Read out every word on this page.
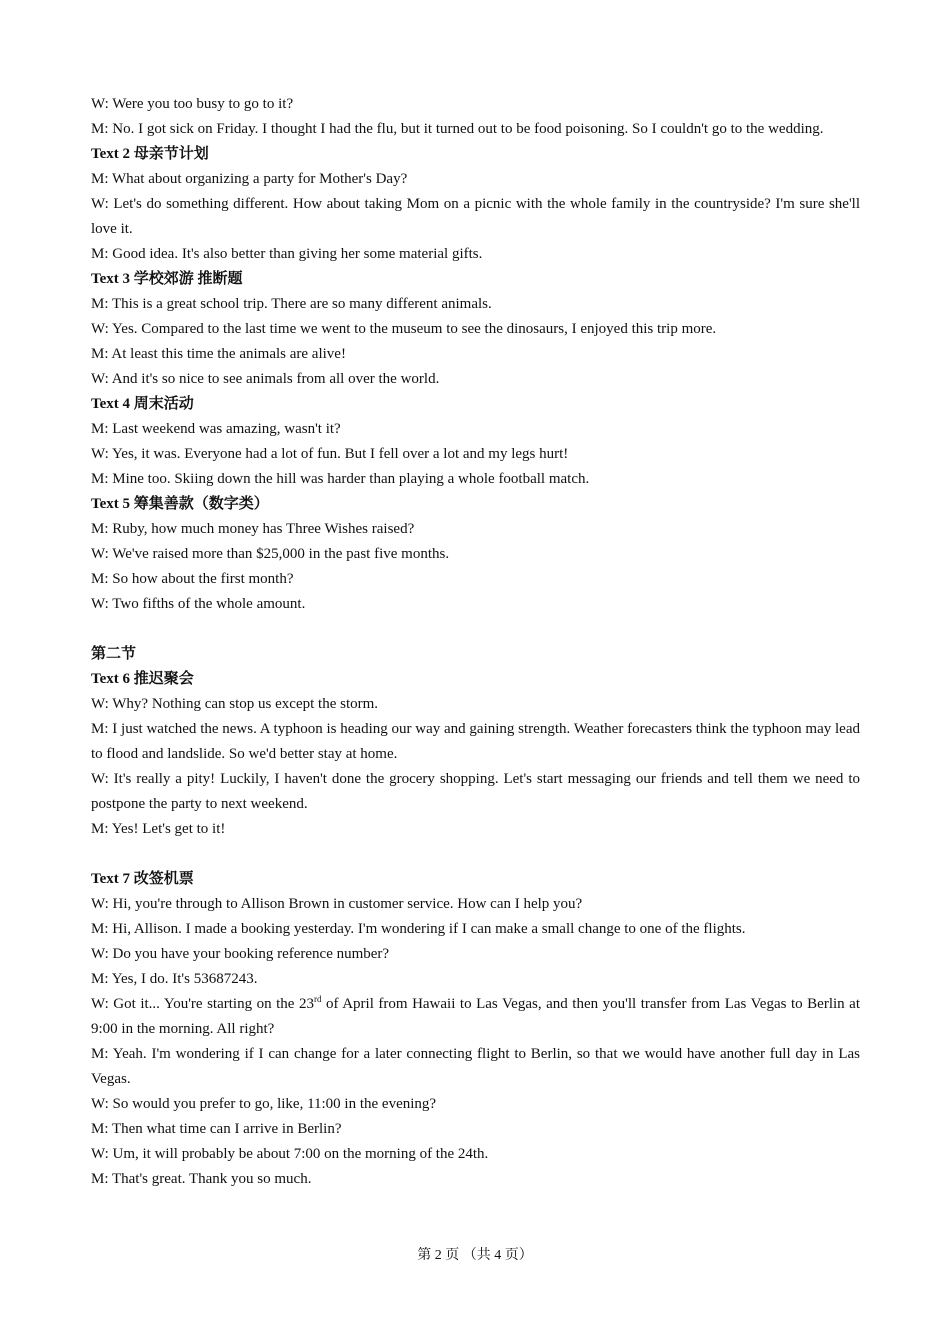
W: Were you too busy to go to it?

M: No. I got sick on Friday. I thought I had the flu, but it turned out to be food poisoning. So I couldn't go to the wedding.

Text 2 母亲节计划

M: What about organizing a party for Mother's Day?

W: Let's do something different. How about taking Mom on a picnic with the whole family in the countryside? I'm sure she'll love it.

M: Good idea. It's also better than giving her some material gifts.

Text 3 学校郊游 推断题

M: This is a great school trip. There are so many different animals.

W: Yes. Compared to the last time we went to the museum to see the dinosaurs, I enjoyed this trip more.

M: At least this time the animals are alive!

W: And it's so nice to see animals from all over the world.

Text 4 周末活动

M: Last weekend was amazing, wasn't it?

W: Yes, it was. Everyone had a lot of fun. But I fell over a lot and my legs hurt!

M: Mine too. Skiing down the hill was harder than playing a whole football match.

Text 5 筹集善款（数字类）

M: Ruby, how much money has Three Wishes raised?

W: We've raised more than $25,000 in the past five months.

M: So how about the first month?

W: Two fifths of the whole amount.

第二节

Text 6 推迟聚会

W: Why? Nothing can stop us except the storm.

M: I just watched the news. A typhoon is heading our way and gaining strength. Weather forecasters think the typhoon may lead to flood and landslide. So we'd better stay at home.

W: It's really a pity! Luckily, I haven't done the grocery shopping. Let's start messaging our friends and tell them we need to postpone the party to next weekend.

M: Yes! Let's get to it!

Text 7 改签机票

W: Hi, you're through to Allison Brown in customer service. How can I help you?

M: Hi, Allison. I made a booking yesterday. I'm wondering if I can make a small change to one of the flights.

W: Do you have your booking reference number?

M: Yes, I do. It's 53687243.

W: Got it... You're starting on the 23rd of April from Hawaii to Las Vegas, and then you'll transfer from Las Vegas to Berlin at 9:00 in the morning. All right?

M: Yeah. I'm wondering if I can change for a later connecting flight to Berlin, so that we would have another full day in Las Vegas.

W: So would you prefer to go, like, 11:00 in the evening?

M: Then what time can I arrive in Berlin?

W: Um, it will probably be about 7:00 on the morning of the 24th.

M: That's great. Thank you so much.

第 2 页 （共 4 页）
